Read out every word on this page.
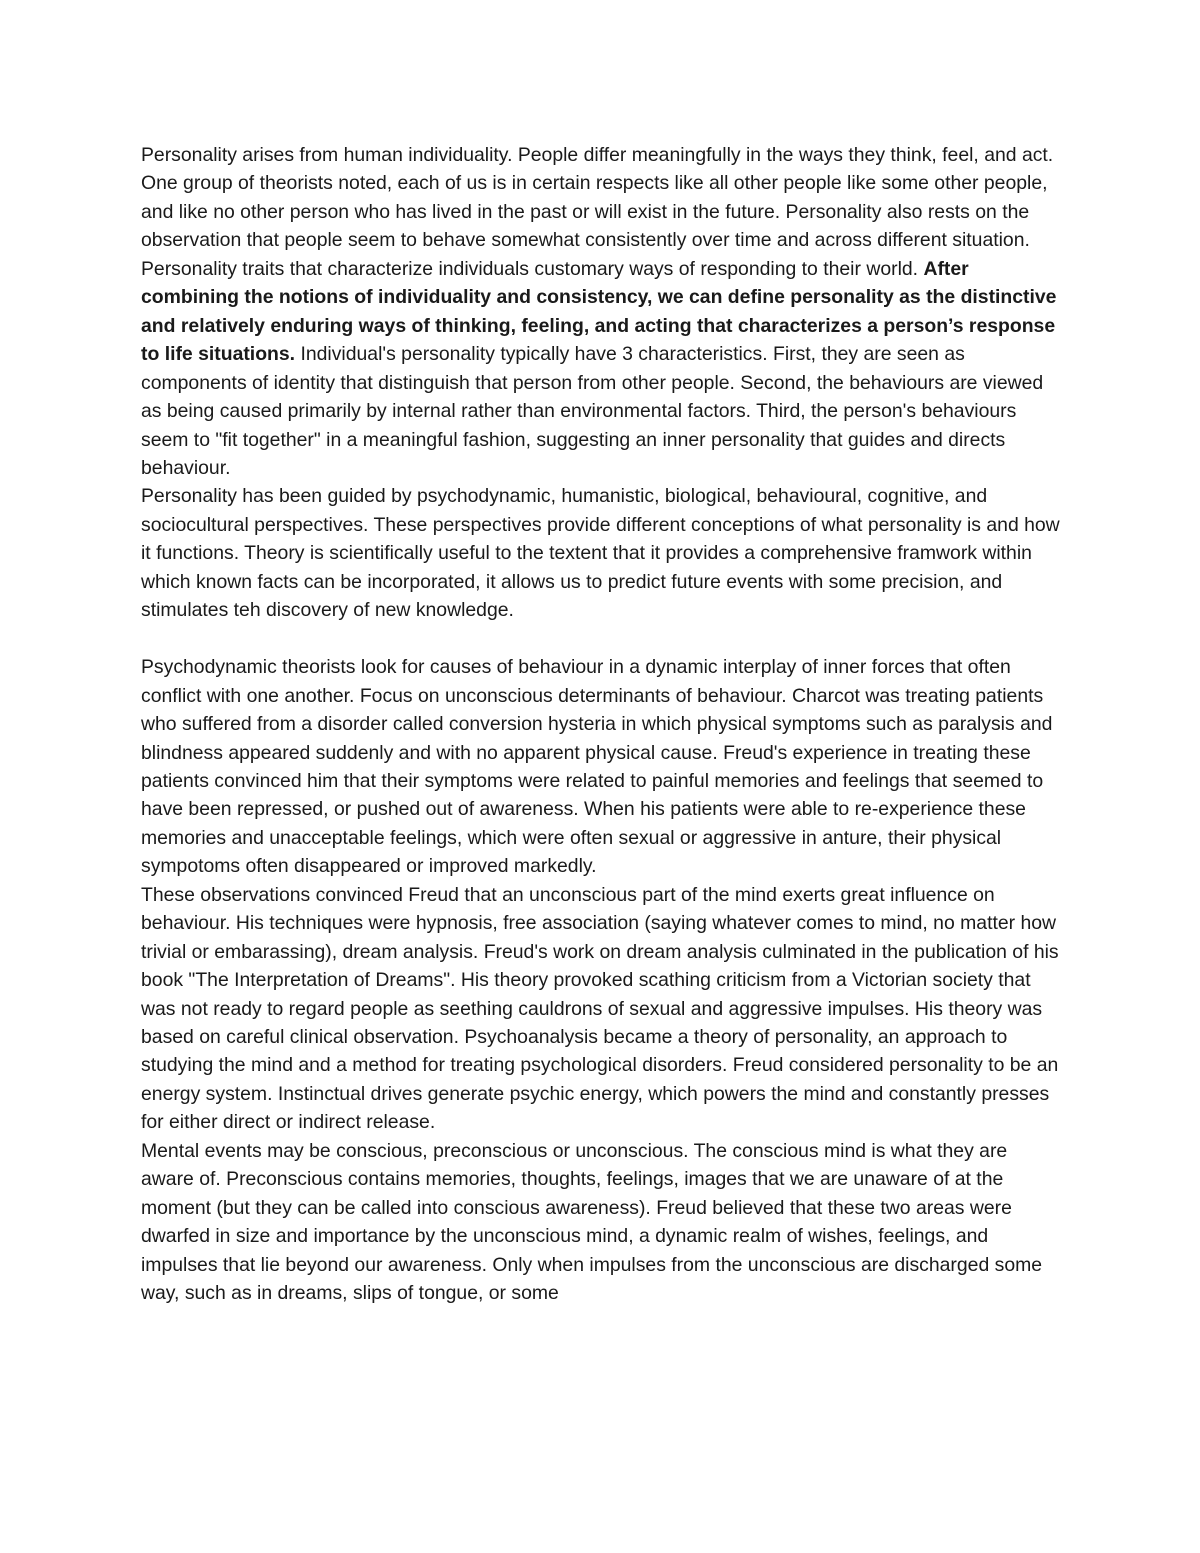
Personality arises from human individuality. People differ meaningfully in the ways they think, feel, and act. One group of theorists noted, each of us is in certain respects like all other people like some other people, and like no other person who has lived in the past or will exist in the future. Personality also rests on the observation that people seem to behave somewhat consistently over time and across different situation. Personality traits that characterize individuals customary ways of responding to their world. After combining the notions of individuality and consistency, we can define personality as the distinctive and relatively enduring ways of thinking, feeling, and acting that characterizes a person’s response to life situations. Individual's personality typically have 3 characteristics. First, they are seen as components of identity that distinguish that person from other people. Second, the behaviours are viewed as being caused primarily by internal rather than environmental factors. Third, the person's behaviours seem to "fit together" in a meaningful fashion, suggesting an inner personality that guides and directs behaviour.

Personality has been guided by psychodynamic, humanistic, biological, behavioural, cognitive, and sociocultural perspectives. These perspectives provide different conceptions of what personality is and how it functions. Theory is scientifically useful to the textent that it provides a comprehensive framwork within which known facts can be incorporated, it allows us to predict future events with some precision, and stimulates teh discovery of new knowledge.

Psychodynamic theorists look for causes of behaviour in a dynamic interplay of inner forces that often conflict with one another. Focus on unconscious determinants of behaviour. Charcot was treating patients who suffered from a disorder called conversion hysteria in which physical symptoms such as paralysis and blindness appeared suddenly and with no apparent physical cause. Freud's experience in treating these patients convinced him that their symptoms were related to painful memories and feelings that seemed to have been repressed, or pushed out of awareness. When his patients were able to re-experience these memories and unacceptable feelings, which were often sexual or aggressive in anture, their physical sympotoms often disappeared or improved markedly.

These observations convinced Freud that an unconscious part of the mind exerts great influence on behaviour. His techniques were hypnosis, free association (saying whatever comes to mind, no matter how trivial or embarassing), dream analysis. Freud's work on dream analysis culminated in the publication of his book "The Interpretation of Dreams". His theory provoked scathing criticism from a Victorian society that was not ready to regard people as seething cauldrons of sexual and aggressive impulses. His theory was based on careful clinical observation. Psychoanalysis became a theory of personality, an approach to studying the mind and a method for treating psychological disorders. Freud considered personality to be an energy system. Instinctual drives generate psychic energy, which powers the mind and constantly presses for either direct or indirect release.

Mental events may be conscious, preconscious or unconscious. The conscious mind is what they are aware of. Preconscious contains memories, thoughts, feelings, images that we are unaware of at the moment (but they can be called into conscious awareness). Freud believed that these two areas were dwarfed in size and importance by the unconscious mind, a dynamic realm of wishes, feelings, and impulses that lie beyond our awareness. Only when impulses from the unconscious are discharged some way, such as in dreams, slips of tongue, or some
